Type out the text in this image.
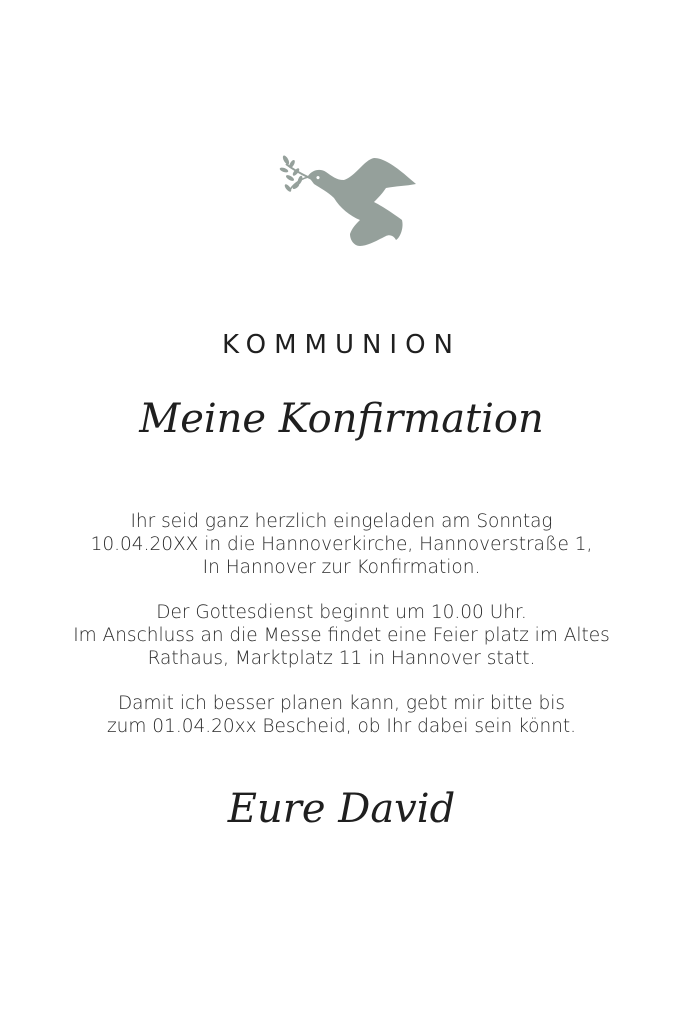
KOMMUNION
Meine Konfirmation
Ihr seid ganz herzlich eingeladen am Sonntag
10.04.20XX in die Hannoverkirche, Hannoverstraße 1,
In Hannover zur Konfirmation.
Der Gottesdienst beginnt um 10.00 Uhr.
Im Anschluss an die Messe findet eine Feier platz im Altes
Rathaus, Marktplatz 11 in Hannover statt.
Damit ich besser planen kann, gebt mir bitte bis
zum 01.04.20xx Bescheid, ob Ihr dabei sein könnt.
Eure David
